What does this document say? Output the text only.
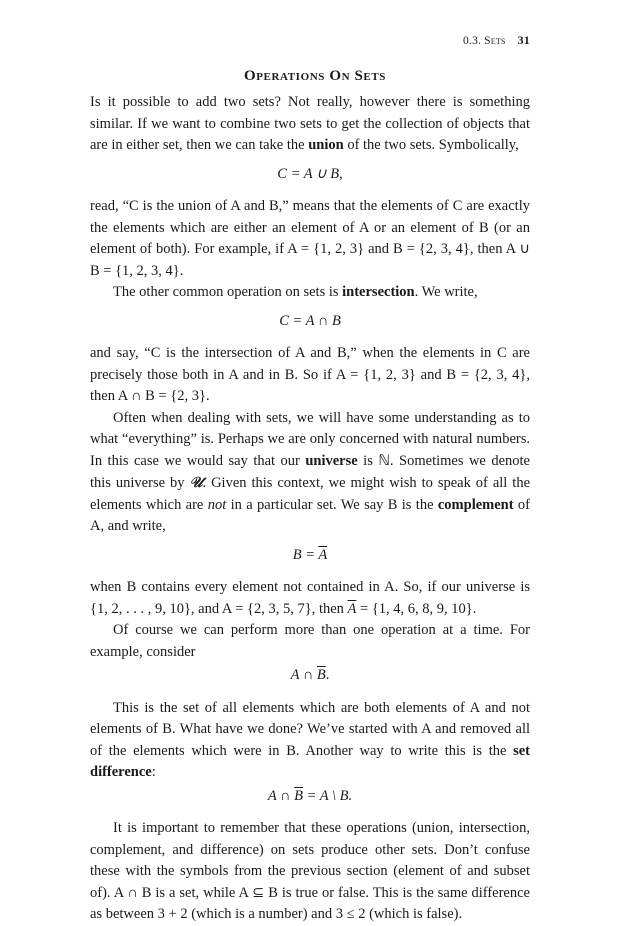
0.3. Sets 31
Operations On Sets

Is it possible to add two sets? Not really, however there is something similar. If we want to combine two sets to get the collection of objects that are in either set, then we can take the union of the two sets. Symbolically,

C = A ∪ B,

read, “C is the union of A and B,” means that the elements of C are exactly the elements which are either an element of A or an element of B (or an element of both). For example, if A = {1, 2, 3} and B = {2, 3, 4}, then A ∪ B = {1, 2, 3, 4}.

The other common operation on sets is intersection. We write,

C = A ∩ B

and say, “C is the intersection of A and B,” when the elements in C are precisely those both in A and in B. So if A = {1, 2, 3} and B = {2, 3, 4}, then A ∩ B = {2, 3}.

Often when dealing with sets, we will have some understanding as to what “everything” is. Perhaps we are only concerned with natural numbers. In this case we would say that our universe is ℕ. Sometimes we denote this universe by 𝒰. Given this context, we might wish to speak of all the elements which are not in a particular set. We say B is the complement of A, and write,

$B = \overline{A}$

when B contains every element not contained in A. So, if our universe is {1, 2, . . . , 9, 10}, and A = {2, 3, 5, 7}, then $\overline{A} = \{1$, 4, 6, 8, 9, 10}.

Of course we can perform more than one operation at a time. For example, consider

A ∩ $\overline{B}$.

This is the set of all elements which are both elements of A and not elements of B. What have we done? We’ve started with A and removed all of the elements which were in B. Another way to write this is the set difference:

A ∩ $\overline{B} = A$ \ B.

It is important to remember that these operations (union, intersection, complement, and difference) on sets produce other sets. Don’t confuse these with the symbols from the previous section (element of and subset of). A ∩ B is a set, while A ⊆ B is true or false. This is the same difference as between 3 + 2 (which is a number) and 3 ≤ 2 (which is false).
